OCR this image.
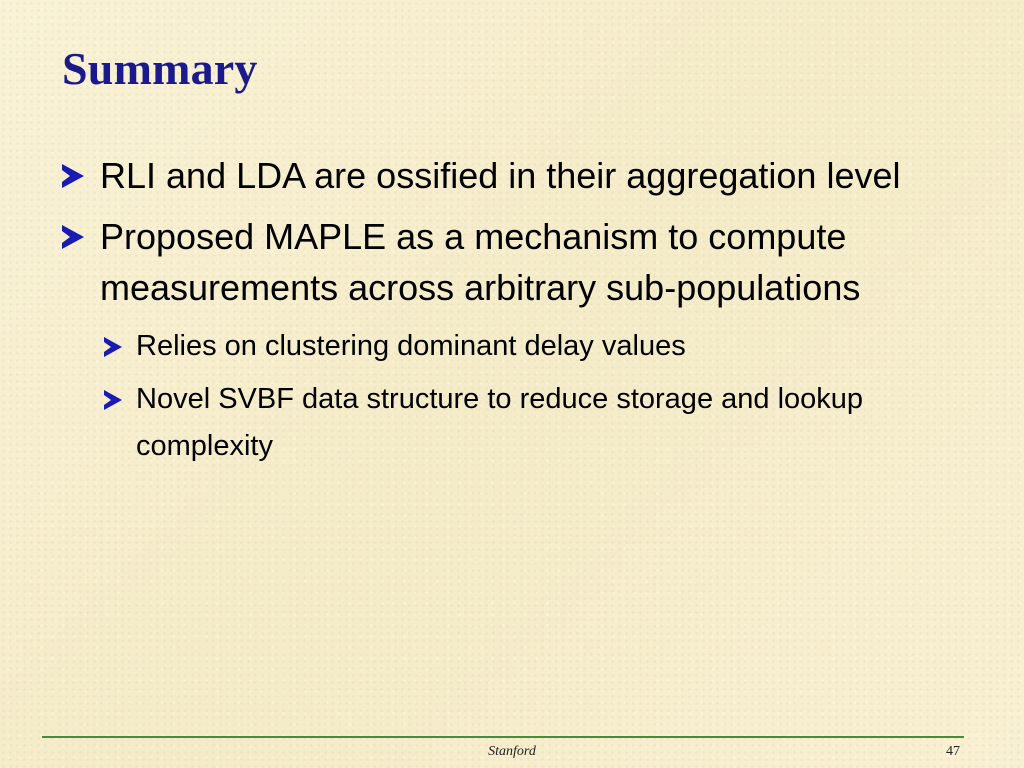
Summary
RLI and LDA are ossified in their aggregation level
Proposed MAPLE as a mechanism to compute measurements across arbitrary sub-populations
Relies on clustering dominant delay values
Novel SVBF data structure to reduce storage and lookup complexity
Stanford	47
